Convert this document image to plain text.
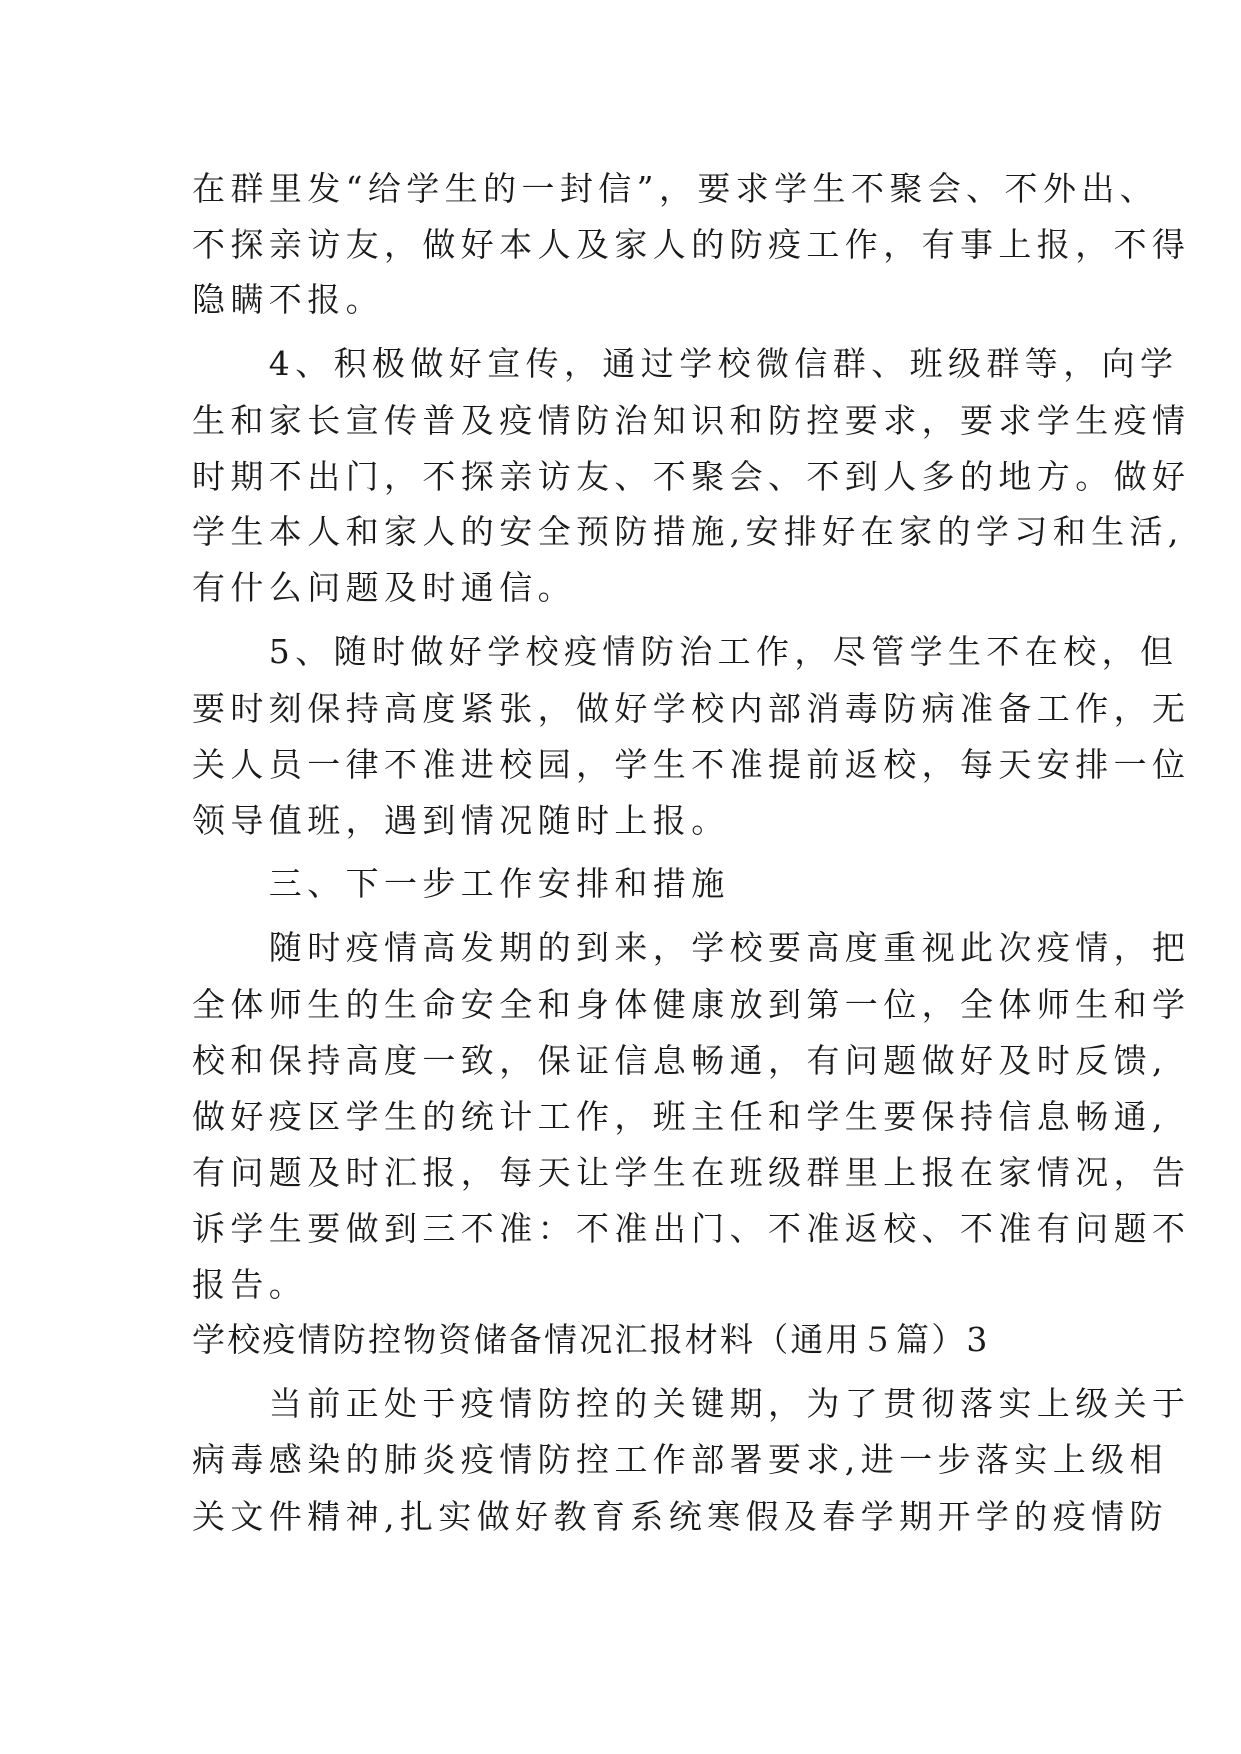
在群里发“给学生的一封信”，要求学生不聚会、不外出、
不探亲访友，做好本人及家人的防疫工作，有事上报，不得
隐瞒不报。
　　4、积极做好宣传，通过学校微信群、班级群等，向学
生和家长宣传普及疫情防治知识和防控要求，要求学生疫情
时期不出门，不探亲访友、不聚会、不到人多的地方。做好
学生本人和家人的安全预防措施,安排好在家的学习和生活,
有什么问题及时通信。
　　5、随时做好学校疫情防治工作，尽管学生不在校，但
要时刻保持高度紧张，做好学校内部消毒防病准备工作，无
关人员一律不准进校园，学生不准提前返校，每天安排一位
领导值班，遇到情况随时上报。
　　三、下一步工作安排和措施
　　随时疫情高发期的到来，学校要高度重视此次疫情，把
全体师生的生命安全和身体健康放到第一位，全体师生和学
校和保持高度一致，保证信息畅通，有问题做好及时反馈,
做好疫区学生的统计工作，班主任和学生要保持信息畅通,
有问题及时汇报，每天让学生在班级群里上报在家情况，告
诉学生要做到三不准：不准出门、不准返校、不准有问题不
报告。
学校疫情防控物资储备情况汇报材料（通用５篇）3
　　当前正处于疫情防控的关键期，为了贯彻落实上级关于
病毒感染的肺炎疫情防控工作部署要求,进一步落实上级相
关文件精神,扎实做好教育系统寒假及春学期开学的疫情防
